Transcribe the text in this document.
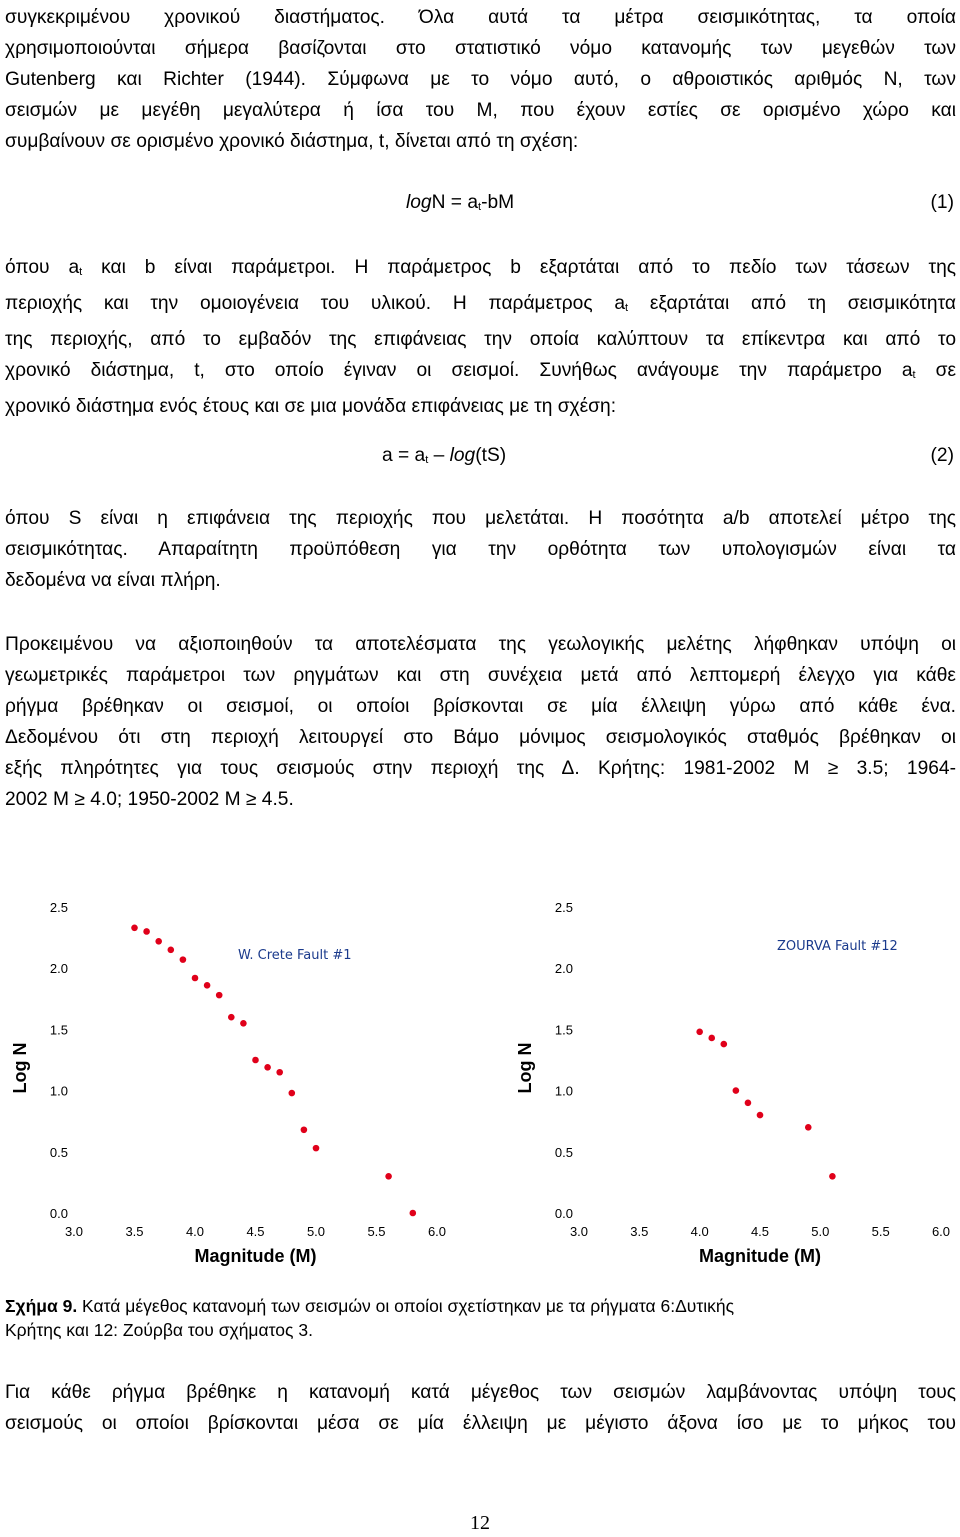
συγκεκριμένου χρονικού διαστήματος. Όλα αυτά τα μέτρα σεισμικότητας, τα οποία
χρησιμοποιούνται σήμερα βασίζονται στο στατιστικό νόμο κατανομής των μεγεθών των
Gutenberg και Richter (1944). Σύμφωνα με το νόμο αυτό, ο αθροιστικός αριθμός Ν, των
σεισμών με μεγέθη μεγαλύτερα ή ίσα του Μ, που έχουν εστίες σε ορισμένο χώρο και
συμβαίνουν σε ορισμένο χρονικό διάστημα, t, δίνεται από τη σχέση:
$\log N = a_t-bM$	(1)
όπου $a_t$ και b είναι παράμετροι. Η παράμετρος b εξαρτάται από το πεδίο των τάσεων της
περιοχής και την ομοιογένεια του υλικού. Η παράμετρος $a_t$ εξαρτάται από τη σεισμικότητα
της περιοχής, από το εμβαδόν της επιφάνειας την οποία καλύπτουν τα επίκεντρα και από το
χρονικό διάστημα, t, στο οποίο έγιναν οι σεισμοί. Συνήθως ανάγουμε την παράμετρο $a_t$ σε
χρονικό διάστημα ενός έτους και σε μια μονάδα επιφάνειας με τη σχέση:
$a = a_t - \log(tS)$	(2)
όπου S είναι η επιφάνεια της περιοχής που μελετάται. Η ποσότητα a/b αποτελεί μέτρο της
σεισμικότητας. Απαραίτητη προϋπόθεση για την ορθότητα των υπολογισμών είναι τα
δεδομένα να είναι πλήρη.
Προκειμένου να αξιοποιηθούν τα αποτελέσματα της γεωλογικής μελέτης λήφθηκαν υπόψη οι
γεωμετρικές παράμετροι των ρηγμάτων και στη συνέχεια μετά από λεπτομερή έλεγχο για κάθε
ρήγμα βρέθηκαν οι σεισμοί, οι οποίοι βρίσκονται σε μία έλλειψη γύρω από κάθε ένα.
Δεδομένου ότι στη περιοχή λειτουργεί στο Βάμο μόνιμος σεισμολογικός σταθμός βρέθηκαν οι
εξής πληρότητες για τους σεισμούς στην περιοχή της Δ. Κρήτης: 1981-2002 M ≥ 3.5; 1964-
2002 M ≥ 4.0; 1950-2002 M ≥ 4.5.
0.0
0.5
1.0
1.5
2.0
2.5
3.0	3.5	4.0	4.5	5.0	5.5	6.0
Magnitude (M)
Log N
W. Crete Fault #1
0.0
0.5
1.0
1.5
2.0
2.5
3.0	3.5	4.0	4.5	5.0	5.5	6.0
Magnitude (M)
Log N
ZOURVA Fault #12
Σχήμα 9. Κατά μέγεθος κατανομή των σεισμών οι οποίοι σχετίστηκαν με τα ρήγματα 6:Δυτικής
Κρήτης και 12: Ζούρβα του σχήματος 3.
Για κάθε ρήγμα βρέθηκε η κατανομή κατά μέγεθος των σεισμών λαμβάνοντας υπόψη τους
σεισμούς οι οποίοι βρίσκονται μέσα σε μία έλλειψη με μέγιστο άξονα ίσο με το μήκος του
12
